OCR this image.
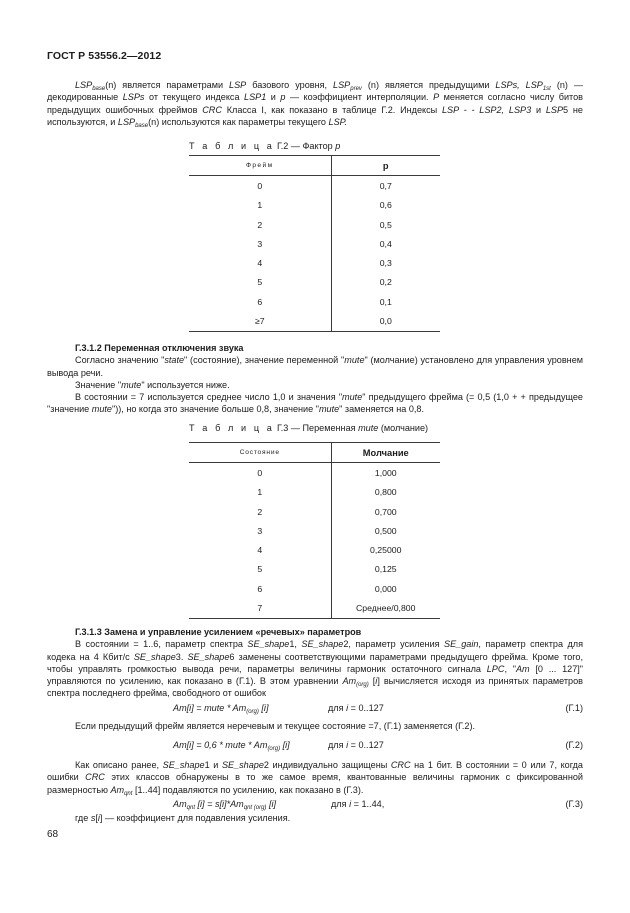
ГОСТ Р 53556.2—2012

$LSP_{base}(n)$ является параметрами LSP базового уровня, $LSP_{prev}$ (n) является предыдущими LSPs, $LSP_{1st}$ (n) — декодированные LSPs от текущего индекса LSP1 и p — коэффициент интерполяции. P меняется согласно числу битов предыдущих ошибочных фреймов CRC Класса I, как показано в таблице Г.2. Индексы LSP - - LSP2, LSP3 и LSP5 не используются, и $LSP_{base}(n)$ используются как параметры текущего LSP.

Т а б л и ц а Г.2 — Фактор p
Фрейм	p
0	0,7
1	0,6
2	0,5
3	0,4
4	0,3
5	0,2
6	0,1
≥7	0,0

Г.3.1.2 Переменная отключения звука

Согласно значению "state" (состояние), значение переменной "mute" (молчание) установлено для управления уровнем вывода речи.

Значение "mute" используется ниже.

В состоянии = 7 используется среднее число 1,0 и значения "mute" предыдущего фрейма (= 0,5 (1,0 + + предыдущее "значение mute")), но когда это значение больше 0,8, значение "mute" заменяется на 0,8.

Т а б л и ц а Г.3 — Переменная mute (молчание)
Состояние	Молчание
0	1,000
1	0,800
2	0,700
3	0,500
4	0,25000
5	0,125
6	0,000
7	Среднее/0,800

Г.3.1.3 Замена и управление усилением «речевых» параметров

В состоянии = 1..6, параметр спектра SE_shape1, SE_shape2, параметр усиления SE_gain, параметр спектра для кодека на 4 Кбит/с SE_shape3. SE_shape6 заменены соответствующими параметрами предыдущего фрейма. Кроме того, чтобы управлять громкостью вывода речи, параметры величины гармоник остаточного сигнала LPC, "Am [0 ... 127]" управляются по усилению, как показано в (Г.1). В этом уравнении $Am_{(org)}$ [i] вычисляется исходя из принятых параметров спектра последнего фрейма, свободного от ошибок

Am[i] = mute * $Am_{(org)}$ [i]	для i = 0..127	(Г.1)

Если предыдущий фрейм является неречевым и текущее состояние =7, (Г.1) заменяется (Г.2).

Am[i] = 0,6 * mute * $Am_{(org)}$ [i]	для i = 0..127	(Г.2)

Как описано ранее, SE_shape1 и SE_shape2 индивидуально защищены CRC на 1 бит. В состоянии = 0 или 7, когда ошибки CRC этих классов обнаружены в то же самое время, квантованные величины гармоник с фиксированной размерностью $Am_{qnt}$ [1..44] подавляются по усилению, как показано в (Г.3).

$Am_{qnt}$ $[i] = s[i]*Am_{qnt (org)}$ [i]	для i = 1..44,	(Г.3)

где s[i] — коэффициент для подавления усиления.

68
